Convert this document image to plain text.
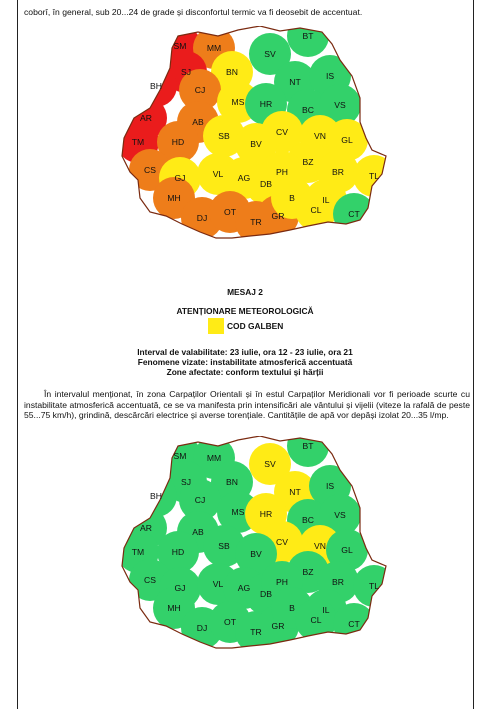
coborî, în general, sub 20...24 de grade și disconfortul termic va fi deosebit de accentuat.
SM MM
BT
SV
SJ	BN
BH	CJ
NT
IS
MS HR
BC VS
AR	AB
SB	CV	VN GL
TM	HD	BV
BZ
BR	TL
CS
GJ	VL AG
DB
PH
IL
MH
DJ
OT
TR
GR
B
CL	CT
MESAJ 2
ATENȚIONARE METEOROLOGICĂ
COD GALBEN
Interval de valabilitate: 23 iulie, ora 12 - 23 iulie, ora 21
Fenomene vizate: instabilitate atmosferică accentuată
Zone afectate: conform textului și hărții

În intervalul menționat, în zona Carpaților Orientali și în estul Carpaților Meridionali vor fi perioade scurte cu instabilitate atmosferică accentuată, ce se va manifesta prin intensificări ale vântului și vijelii (viteze la rafală de peste 55...75 km/h), grindină, descărcări electrice și averse torențiale. Cantitățile de apă vor depăși izolat 20...35 l/mp.

SM MM
BT
SV
SJ	BN
BH	CJ
NT
IS
MS HR
BC VS
AR	AB
SB	CV	VN GL
TM	HD	BV
BZ
BR	TL
CS
GJ	VL AG
DB
PH
IL
MH
DJ
OT
TR
GR
B
CL	CT
